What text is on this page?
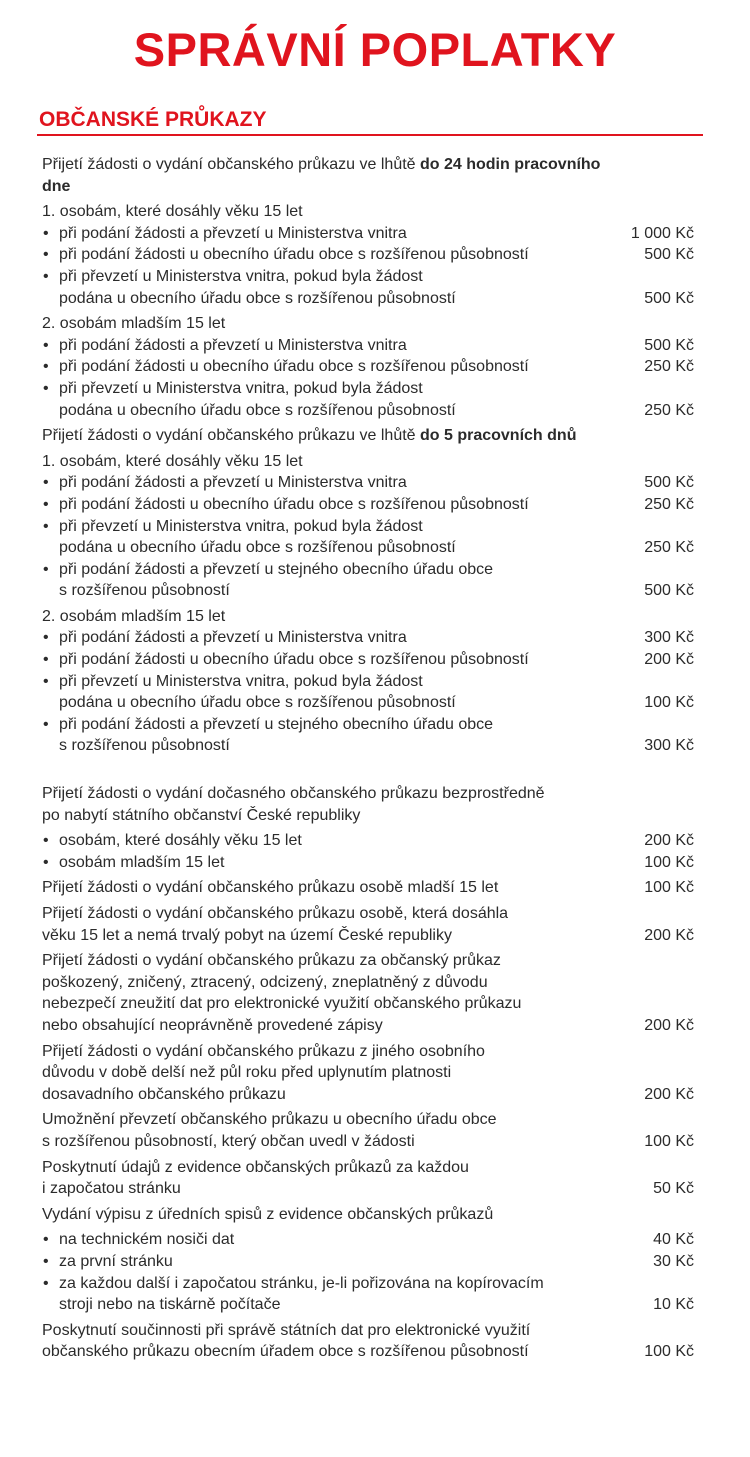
SPRÁVNÍ POPLATKY
OBČANSKÉ PRŮKAZY
Přijetí žádosti o vydání občanského průkazu ve lhůtě do 24 hodin pracovního
dne
1. osobám, které dosáhly věku 15 let
• při podání žádosti a převzetí u Ministerstva vnitra	1 000 Kč
• při podání žádosti u obecního úřadu obce s rozšířenou působností	500 Kč
• při převzetí u Ministerstva vnitra, pokud byla žádost
podána u obecního úřadu obce s rozšířenou působností	500 Kč
2. osobám mladším 15 let
• při podání žádosti a převzetí u Ministerstva vnitra	500 Kč
• při podání žádosti u obecního úřadu obce s rozšířenou působností	250 Kč
• při převzetí u Ministerstva vnitra, pokud byla žádost
podána u obecního úřadu obce s rozšířenou působností	250 Kč
Přijetí žádosti o vydání občanského průkazu ve lhůtě do 5 pracovních dnů
1. osobám, které dosáhly věku 15 let
• při podání žádosti a převzetí u Ministerstva vnitra	500 Kč
• při podání žádosti u obecního úřadu obce s rozšířenou působností	250 Kč
• při převzetí u Ministerstva vnitra, pokud byla žádost
podána u obecního úřadu obce s rozšířenou působností	250 Kč
• při podání žádosti a převzetí u stejného obecního úřadu obce
s rozšířenou působností	500 Kč
2. osobám mladším 15 let
• při podání žádosti a převzetí u Ministerstva vnitra	300 Kč
• při podání žádosti u obecního úřadu obce s rozšířenou působností	200 Kč
• při převzetí u Ministerstva vnitra, pokud byla žádost
podána u obecního úřadu obce s rozšířenou působností	100 Kč
• při podání žádosti a převzetí u stejného obecního úřadu obce
s rozšířenou působností	300 Kč
Přijetí žádosti o vydání dočasného občanského průkazu bezprostředně
po nabytí státního občanství České republiky
• osobám, které dosáhly věku 15 let	200 Kč
• osobám mladším 15 let	100 Kč
Přijetí žádosti o vydání občanského průkazu osobě mladší 15 let	100 Kč
Přijetí žádosti o vydání občanského průkazu osobě, která dosáhla
věku 15 let a nemá trvalý pobyt na území České republiky	200 Kč
Přijetí žádosti o vydání občanského průkazu za občanský průkaz
poškozený, zničený, ztracený, odcizený, zneplatněný z důvodu
nebezpečí zneužití dat pro elektronické využití občanského průkazu
nebo obsahující neoprávněně provedené zápisy	200 Kč
Přijetí žádosti o vydání občanského průkazu z jiného osobního
důvodu v době delší než půl roku před uplynutím platnosti
dosavadního občanského průkazu	200 Kč
Umožnění převzetí občanského průkazu u obecního úřadu obce
s rozšířenou působností, který občan uvedl v žádosti	100 Kč
Poskytnutí údajů z evidence občanských průkazů za každou
i započatou stránku	50 Kč
Vydání výpisu z úředních spisů z evidence občanských průkazů
• na technickém nosiči dat	40 Kč
• za první stránku	30 Kč
• za každou další i započatou stránku, je-li pořizována na kopírovacím
stroji nebo na tiskárně počítače	10 Kč
Poskytnutí součinnosti při správě státních dat pro elektronické využití
občanského průkazu obecním úřadem obce s rozšířenou působností	100 Kč
